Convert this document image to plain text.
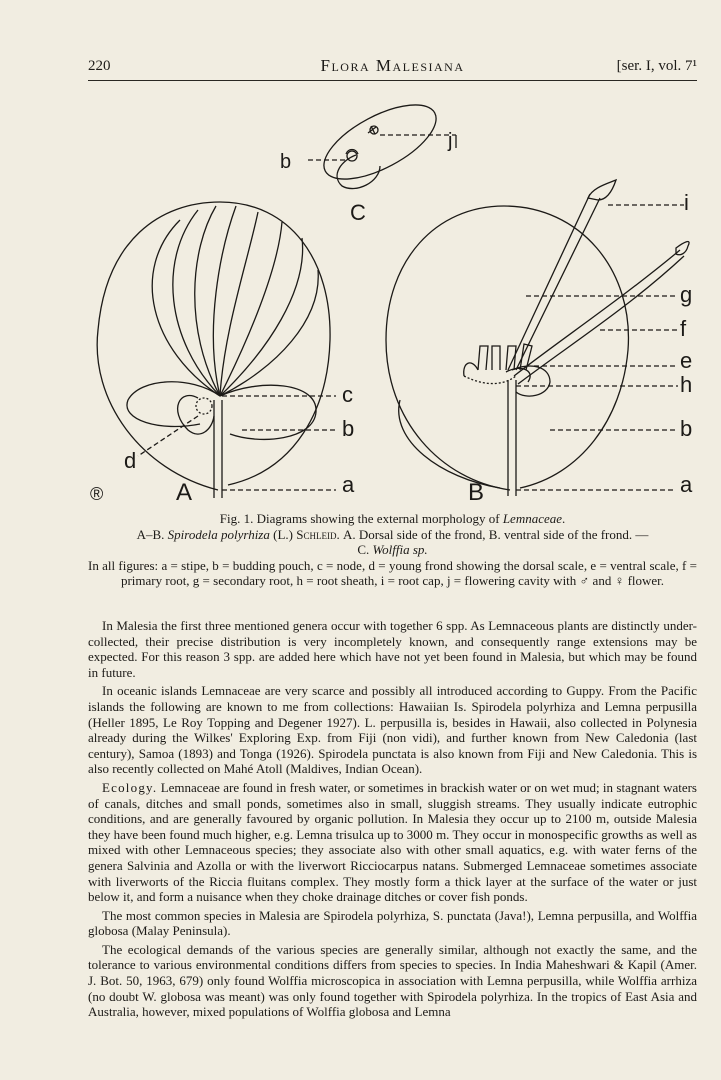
220	Flora Malesiana	[ser. I, vol. 7¹
b
j
C
c
b
a
d
A
®
i
g
f
e
h
b
a
B

Fig. 1. Diagrams showing the external morphology of Lemnaceae.

A–B. Spirodela polyrhiza (L.) Schleid. A. Dorsal side of the frond, B. ventral side of the frond. —

C. Wolffia sp.

In all figures: a = stipe, b = budding pouch, c = node, d = young frond showing the dorsal scale, e = ventral scale, f = primary root, g = secondary root, h = root sheath, i = root cap, j = flowering cavity with ♂ and ♀ flower.

In Malesia the first three mentioned genera occur with together 6 spp. As Lemnaceous plants are distinctly under-collected, their precise distribution is very incompletely known, and consequently range extensions may be expected. For this reason 3 spp. are added here which have not yet been found in Malesia, but which may be found in future.

In oceanic islands Lemnaceae are very scarce and possibly all introduced according to Guppy. From the Pacific islands the following are known to me from collections: Hawaiian Is. Spirodela polyrhiza and Lemna perpusilla (Heller 1895, Le Roy Topping and Degener 1927). L. perpusilla is, besides in Hawaii, also collected in Polynesia already during the Wilkes' Exploring Exp. from Fiji (non vidi), and further known from New Caledonia (last century), Samoa (1893) and Tonga (1926). Spirodela punctata is also known from Fiji and New Caledonia. This is also recently collected on Mahé Atoll (Maldives, Indian Ocean).

Ecology. Lemnaceae are found in fresh water, or sometimes in brackish water or on wet mud; in stagnant waters of canals, ditches and small ponds, sometimes also in small, sluggish streams. They usually indicate eutrophic conditions, and are generally favoured by organic pollution. In Malesia they occur up to 2100 m, outside Malesia they have been found much higher, e.g. Lemna trisulca up to 3000 m. They occur in monospecific growths as well as mixed with other Lemnaceous species; they associate also with other small aquatics, e.g. with water ferns of the genera Salvinia and Azolla or with the liverwort Ricciocarpus natans. Submerged Lemnaceae sometimes associate with liverworts of the Riccia fluitans complex. They mostly form a thick layer at the surface of the water or just below it, and form a nuisance when they choke drainage ditches or cover fish ponds.

The most common species in Malesia are Spirodela polyrhiza, S. punctata (Java!), Lemna perpusilla, and Wolffia globosa (Malay Peninsula).

The ecological demands of the various species are generally similar, although not exactly the same, and the tolerance to various environmental conditions differs from species to species. In India Maheshwari & Kapil (Amer. J. Bot. 50, 1963, 679) only found Wolffia microscopica in association with Lemna perpusilla, while Wolffia arrhiza (no doubt W. globosa was meant) was only found together with Spirodela polyrhiza. In the tropics of East Asia and Australia, however, mixed populations of Wolffia globosa and Lemna
